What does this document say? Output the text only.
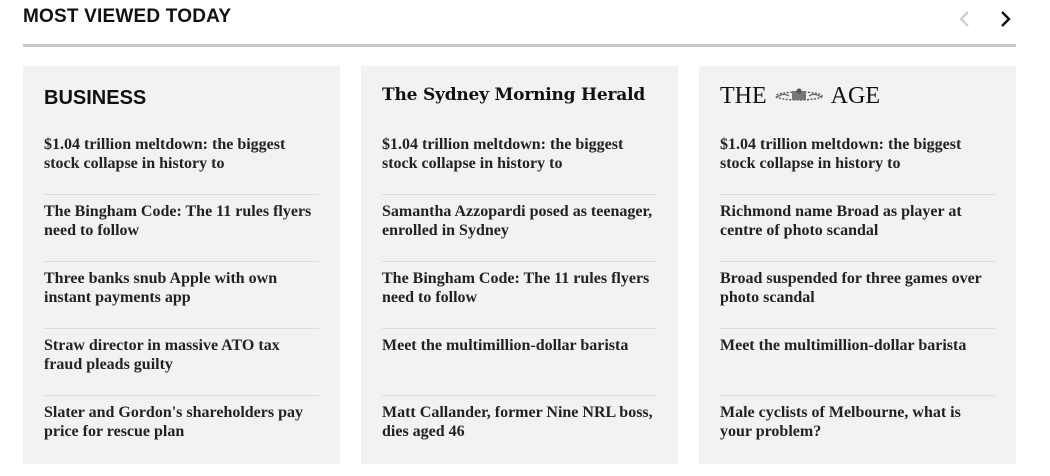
MOST VIEWED TODAY
BUSINESS
$1.04 trillion meltdown: the biggest stock collapse in history to
The Bingham Code: The 11 rules flyers need to follow
Three banks snub Apple with own instant payments app
Straw director in massive ATO tax fraud pleads guilty
Slater and Gordon's shareholders pay price for rescue plan
The Sydney Morning Herald
$1.04 trillion meltdown: the biggest stock collapse in history to
Samantha Azzopardi posed as teenager, enrolled in Sydney
The Bingham Code: The 11 rules flyers need to follow
Meet the multimillion-dollar barista
Matt Callander, former Nine NRL boss, dies aged 46
THE	AGE
$1.04 trillion meltdown: the biggest stock collapse in history to
Richmond name Broad as player at centre of photo scandal
Broad suspended for three games over photo scandal
Meet the multimillion-dollar barista
Male cyclists of Melbourne, what is your problem?
